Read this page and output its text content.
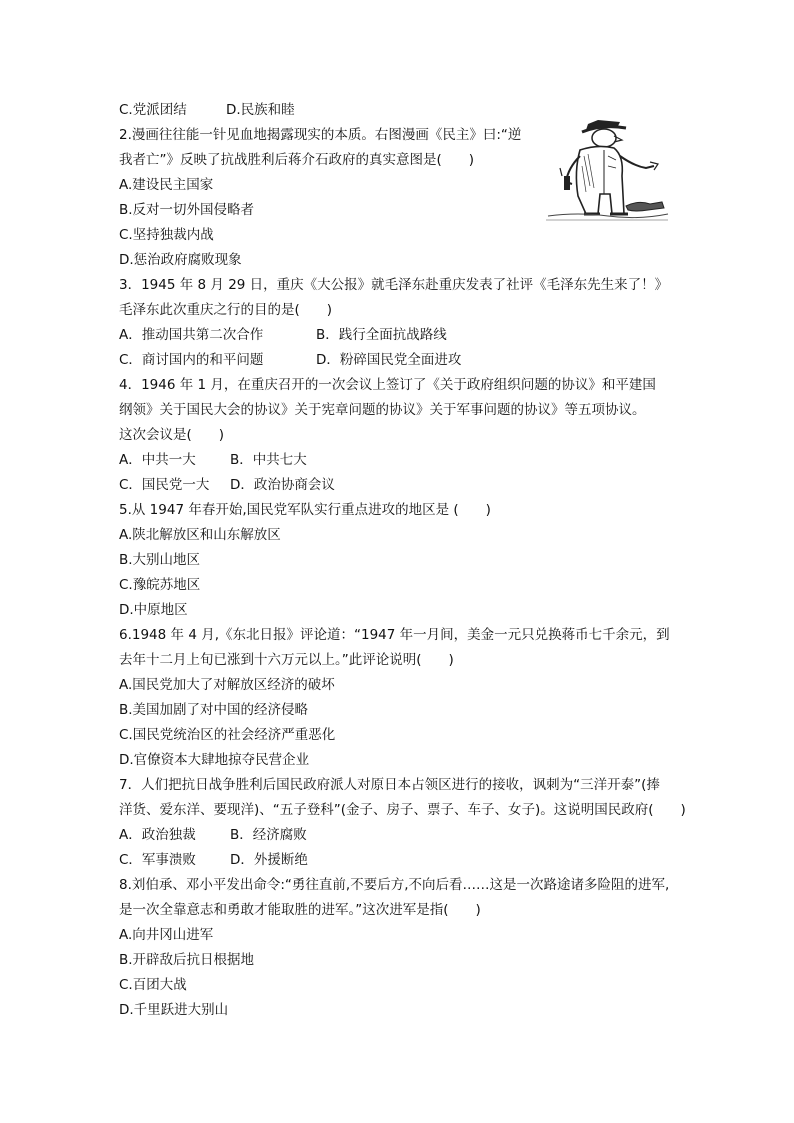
C.党派团结	D.民族和睦
2.漫画往往能一针见血地揭露现实的本质。右图漫画《民主》曰:“逆
我者亡”》反映了抗战胜利后蒋介石政府的真实意图是(　　)
A.建设民主国家
B.反对一切外国侵略者
C.坚持独裁内战
D.惩治政府腐败现象
3．1945 年 8 月 29 日，重庆《大公报》就毛泽东赴重庆发表了社评《毛泽东先生来了！》
毛泽东此次重庆之行的目的是(　　)
A．推动国共第二次合作	B．践行全面抗战路线
C．商讨国内的和平问题	D．粉碎国民党全面进攻
4．1946 年 1 月，在重庆召开的一次会议上签订了《关于政府组织问题的协议》和平建国
纲领》关于国民大会的协议》关于宪章问题的协议》关于军事问题的协议》等五项协议。
这次会议是(　　)
A．中共一大	B．中共七大
C．国民党一大 D．政治协商会议
5.从 1947 年春开始,国民党军队实行重点进攻的地区是 (　　)
A.陕北解放区和山东解放区
B.大别山地区
C.豫皖苏地区
D.中原地区
6.1948 年 4 月,《东北日报》评论道：“1947 年一月间，美金一元只兑换蒋币七千余元，到
去年十二月上旬已涨到十六万元以上。”此评论说明(　　)
A.国民党加大了对解放区经济的破坏
B.美国加剧了对中国的经济侵略
C.国民党统治区的社会经济严重恶化
D.官僚资本大肆地掠夺民营企业
7．人们把抗日战争胜利后国民政府派人对原日本占领区进行的接收，讽刺为“三洋开泰”(捧
洋货、爱东洋、要现洋)、“五子登科”(金子、房子、票子、车子、女子)。这说明国民政府(　　)
A．政治独裁	B．经济腐败
C．军事溃败	D．外援断绝
8.刘伯承、邓小平发出命令:“勇往直前,不要后方,不向后看……这是一次路途诸多险阻的进军,
是一次全靠意志和勇敢才能取胜的进军。”这次进军是指(　　)
A.向井冈山进军
B.开辟敌后抗日根据地
C.百团大战
D.千里跃进大别山
